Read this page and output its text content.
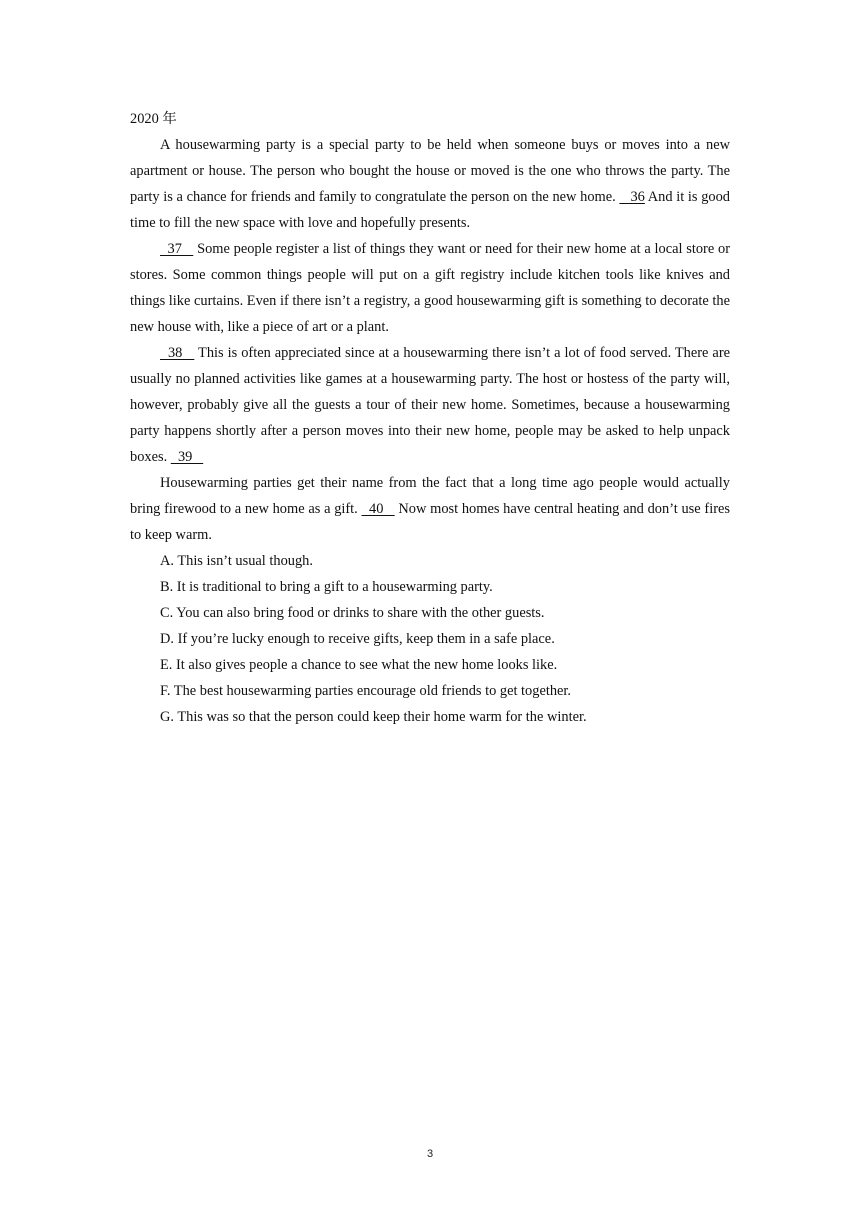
2020 年

A housewarming party is a special party to be held when someone buys or moves into a new apartment or house. The person who bought the house or moved is the one who throws the party. The party is a chance for friends and family to congratulate the person on the new home.    36 And it is good time to fill the new space with love and hopefully presents.

37    Some people register a list of things they want or need for their new home at a local store or stores. Some common things people will put on a gift registry include kitchen tools like knives and things like curtains. Even if there isn’t a registry, a good housewarming gift is something to decorate the new house with, like a piece of art or a plant.

38    This is often appreciated since at a housewarming there isn’t a lot of food served. There are usually no planned activities like games at a housewarming party. The host or hostess of the party will, however, probably give all the guests a tour of their new home. Sometimes, because a housewarming party happens shortly after a person moves into their new home, people may be asked to help unpack boxes.   39

Housewarming parties get their name from the fact that a long time ago people would actually bring firewood to a new home as a gift.   40    Now most homes have central heating and don’t use fires to keep warm.

A. This isn’t usual though.
B. It is traditional to bring a gift to a housewarming party.
C. You can also bring food or drinks to share with the other guests.
D. If you’re lucky enough to receive gifts, keep them in a safe place.
E. It also gives people a chance to see what the new home looks like.
F. The best housewarming parties encourage old friends to get together.
G. This was so that the person could keep their home warm for the winter.
3
